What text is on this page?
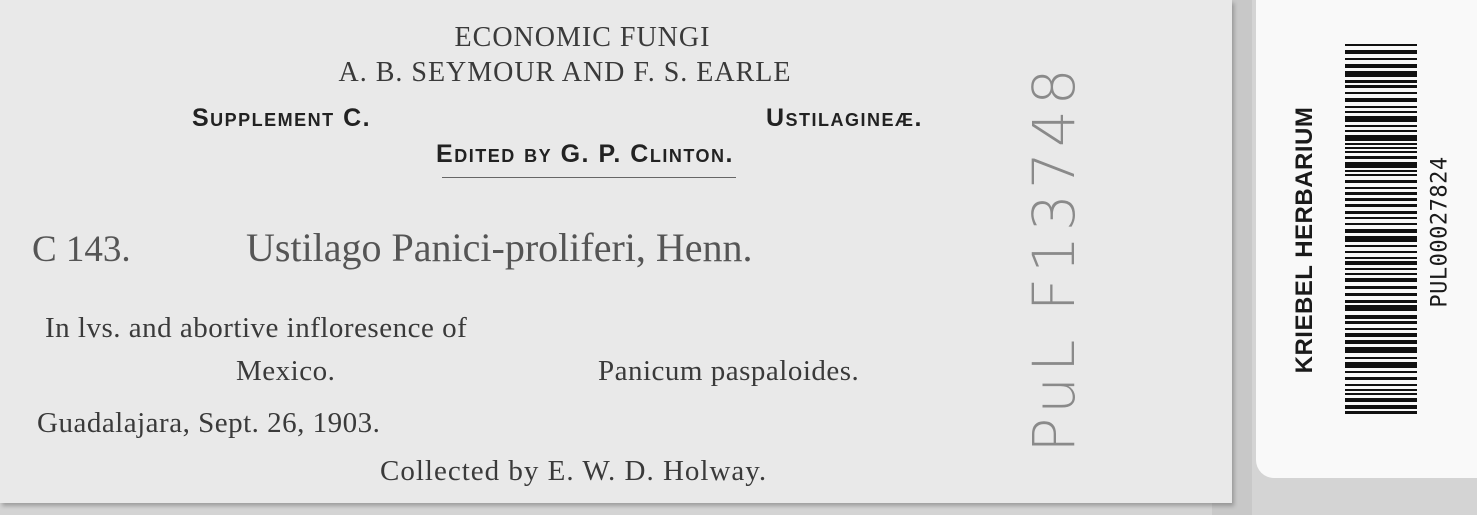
ECONOMIC FUNGI
A. B. SEYMOUR AND F. S. EARLE
Supplement C.	Ustilagineæ.
Edited by G. P. Clinton.
C 143.	Ustilago Panici-proliferi, Henn.
In lvs. and abortive infloresence of
Mexico.	Panicum paspaloides.
Guadalajara, Sept. 26, 1903.
Collected by E. W. D. Holway.
PuL F13748	KRIEBEL HERBARIUM	PUL00027824
